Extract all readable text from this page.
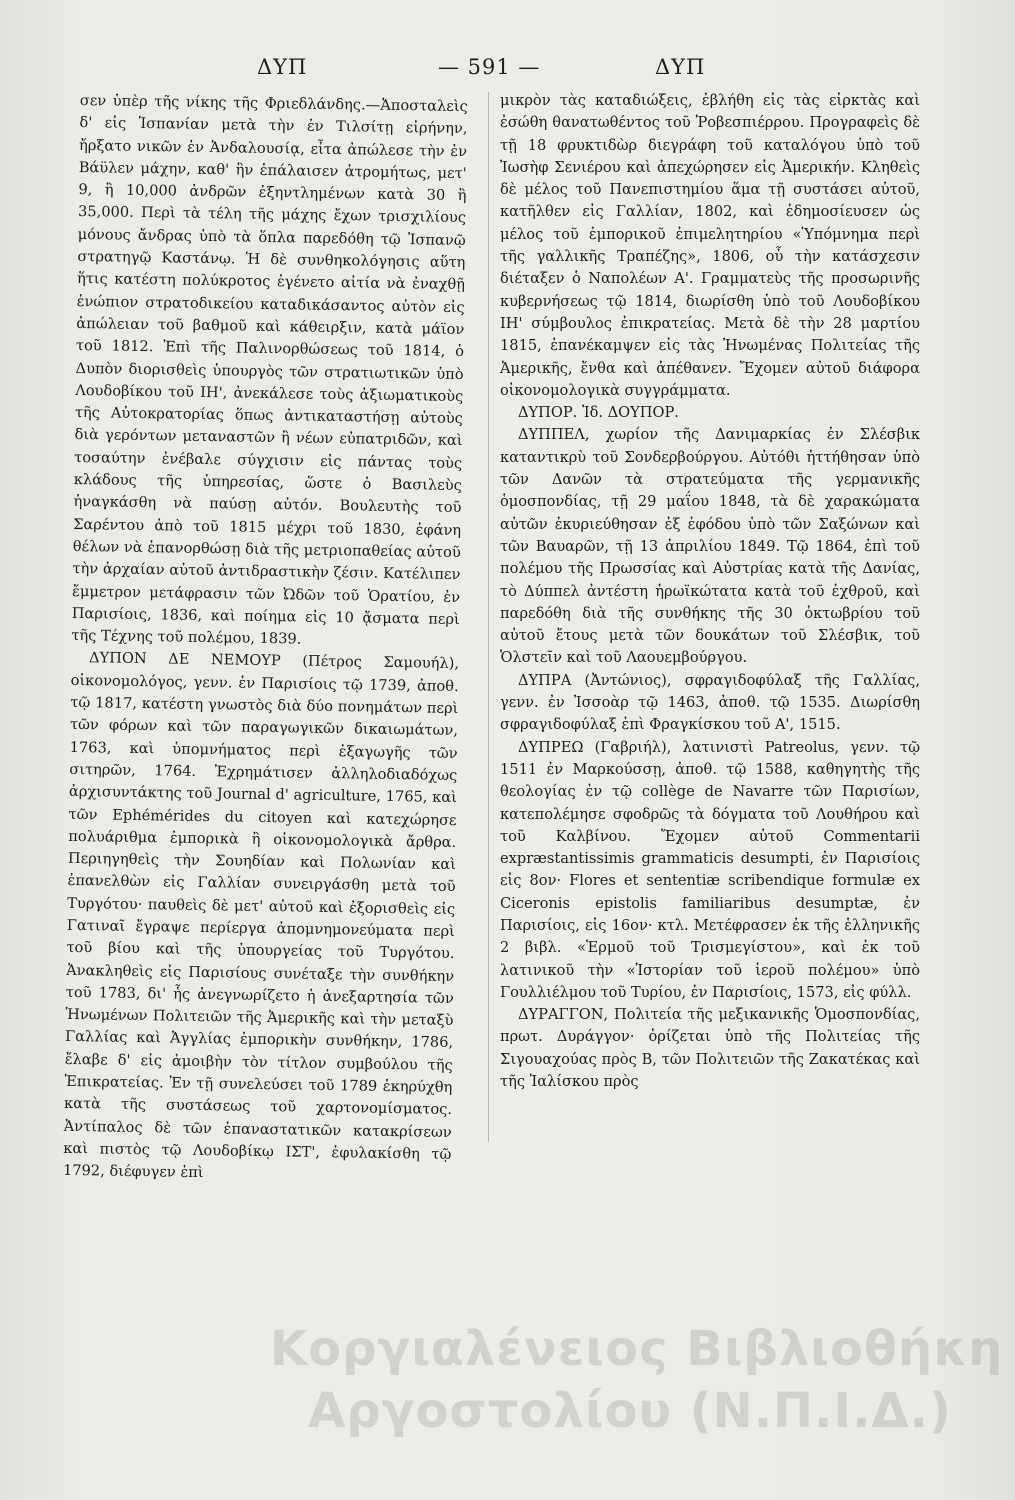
ΔΥΠ	— 591 —	ΔΥΠ

σεν ὑπὲρ τῆς νίκης τῆς Φριεδλάνδης.—Ἀποσταλεὶς δ' εἰς Ἱσπανίαν μετὰ τὴν ἐν Τιλσίτῃ εἰρήνην, ἤρξατο νικῶν ἐν Ἀνδαλουσίᾳ, εἶτα ἀπώλεσε τὴν ἐν Βάϋλεν μάχην, καθ' ἣν ἐπάλαισεν ἀτρομήτως, μετ' 9, ἢ 10,000 ἀνδρῶν ἐξηντλημένων κατὰ 30 ἢ 35,000. Περὶ τὰ τέλη τῆς μάχης ἔχων τρισχιλίους μόνους ἄνδρας ὑπὸ τὰ ὅπλα παρεδόθη τῷ Ἰσπανῷ στρατηγῷ Καστάνῳ. Ἡ δὲ συνθηκολόγησις αὕτη ἥτις κατέστη πολύκροτος ἐγένετο αἰτία νὰ ἐναχθῇ ἐνώπιον στρατοδικείου καταδικάσαντος αὐτὸν εἰς ἀπώλειαν τοῦ βαθμοῦ καὶ κάθειρξιν, κατὰ μάϊον τοῦ 1812. Ἐπὶ τῆς Παλινορθώσεως τοῦ 1814, ὁ Δυπὸν διορισθεὶς ὑπουργὸς τῶν στρατιωτικῶν ὑπὸ Λουδοβίκου τοῦ ΙΗ', ἀνεκάλεσε τοὺς ἀξιωματικοὺς τῆς Αὐτοκρατορίας ὅπως ἀντικαταστήσῃ αὐτοὺς διὰ γερόντων μεταναστῶν ἢ νέων εὐπατριδῶν, καὶ τοσαύτην ἐνέβαλε σύγχισιν εἰς πάντας τοὺς κλάδους τῆς ὑπηρεσίας, ὥστε ὁ Βασιλεὺς ἠναγκάσθη νὰ παύσῃ αὐτόν. Βουλευτὴς τοῦ Σαρέντου ἀπὸ τοῦ 1815 μέχρι τοῦ 1830, ἐφάνη θέλων νὰ ἐπανορθώσῃ διὰ τῆς μετριοπαθείας αὐτοῦ τὴν ἀρχαίαν αὐτοῦ ἀντιδραστικὴν ζέσιν. Κατέλιπεν ἔμμετρον μετάφρασιν τῶν Ὠδῶν τοῦ Ὁρατίου, ἐν Παρισίοις, 1836, καὶ ποίημα εἰς 10 ᾄσματα περὶ τῆς Τέχνης τοῦ πολέμου, 1839.

ΔΥΠΟΝ ΔΕ ΝΕΜΟΥΡ (Πέτρος Σαμουήλ), οἰκονομολόγος, γενν. ἐν Παρισίοις τῷ 1739, ἀποθ. τῷ 1817, κατέστη γνωστὸς διὰ δύο πονημάτων περὶ τῶν φόρων καὶ τῶν παραγωγικῶν δικαιωμάτων, 1763, καὶ ὑπομνήματος περὶ ἐξαγωγῆς τῶν σιτηρῶν, 1764. Ἐχρημάτισεν ἀλληλοδιαδόχως ἀρχισυντάκτης τοῦ Journal d' agriculture, 1765, καὶ τῶν Ephémérides du citoyen καὶ κατεχώρησε πολυάριθμα ἐμπορικὰ ἢ οἰκονομολογικὰ ἄρθρα. Περιηγηθεὶς τὴν Σουηδίαν καὶ Πολωνίαν καὶ ἐπανελθὼν εἰς Γαλλίαν συνειργάσθη μετὰ τοῦ Τυργότου· παυθεὶς δὲ μετ' αὐτοῦ καὶ ἐξορισθεὶς εἰς Γατιναῖ ἔγραψε περίεργα ἀπομνημονεύματα περὶ τοῦ βίου καὶ τῆς ὑπουργείας τοῦ Τυργότου. Ἀνακληθεὶς εἰς Παρισίους συνέταξε τὴν συνθήκην τοῦ 1783, δι' ἧς ἀνεγνωρίζετο ἡ ἀνεξαρτησία τῶν Ἡνωμένων Πολιτειῶν τῆς Ἀμερικῆς καὶ τὴν μεταξὺ Γαλλίας καὶ Ἀγγλίας ἐμπορικὴν συνθήκην, 1786, ἔλαβε δ' εἰς ἀμοιβὴν τὸν τίτλον συμβούλου τῆς Ἐπικρατείας. Ἐν τῇ συνελεύσει τοῦ 1789 ἐκηρύχθη κατὰ τῆς συστάσεως τοῦ χαρτονομίσματος. Ἀντίπαλος δὲ τῶν ἐπαναστατικῶν κατακρίσεων καὶ πιστὸς τῷ Λουδοβίκῳ ΙΣΤ', ἐφυλακίσθη τῷ 1792, διέφυγεν ἐπὶ

μικρὸν τὰς καταδιώξεις, ἐβλήθη εἰς τὰς εἱρκτὰς καὶ ἐσώθη θανατωθέντος τοῦ Ῥοβεσπιέρρου. Προγραφεὶς δὲ τῇ 18 φρυκτιδὼρ διεγράφη τοῦ καταλόγου ὑπὸ τοῦ Ἰωσὴφ Σενιέρου καὶ ἀπεχώρησεν εἰς Ἀμερικήν. Κληθεὶς δὲ μέλος τοῦ Πανεπιστημίου ἅμα τῇ συστάσει αὐτοῦ, κατῆλθεν εἰς Γαλλίαν, 1802, καὶ ἐδημοσίευσεν ὡς μέλος τοῦ ἐμπορικοῦ ἐπιμελητηρίου «Ὑπόμνημα περὶ τῆς γαλλικῆς Τραπέζης», 1806, οὗ τὴν κατάσχεσιν διέταξεν ὁ Ναπολέων Α'. Γραμματεὺς τῆς προσωρινῆς κυβερνήσεως τῷ 1814, διωρίσθη ὑπὸ τοῦ Λουδοβίκου ΙΗ' σύμβουλος ἐπικρατείας. Μετὰ δὲ τὴν 28 μαρτίου 1815, ἐπανέκαμψεν εἰς τὰς Ἡνωμένας Πολιτείας τῆς Ἀμερικῆς, ἔνθα καὶ ἀπέθανεν. Ἔχομεν αὐτοῦ διάφορα οἰκονομολογικὰ συγγράμματα.

ΔΥΠΟΡ. Ἰδ. ΔΟΥΠΟΡ.

ΔΥΠΠΕΛ, χωρίον τῆς Δανιμαρκίας ἐν Σλέσβικ καταντικρὺ τοῦ Σονδερβούργου. Αὐτόθι ἡττήθησαν ὑπὸ τῶν Δανῶν τὰ στρατεύματα τῆς γερμανικῆς ὁμοσπονδίας, τῇ 29 μαΐου 1848, τὰ δὲ χαρακώματα αὐτῶν ἐκυριεύθησαν ἐξ ἐφόδου ὑπὸ τῶν Σαξώνων καὶ τῶν Βαυαρῶν, τῇ 13 ἀπριλίου 1849. Τῷ 1864, ἐπὶ τοῦ πολέμου τῆς Πρωσσίας καὶ Αὐστρίας κατὰ τῆς Δανίας, τὸ Δύππελ ἀντέστη ἡρωϊκώτατα κατὰ τοῦ ἐχθροῦ, καὶ παρεδόθη διὰ τῆς συνθήκης τῆς 30 ὀκτωβρίου τοῦ αὐτοῦ ἔτους μετὰ τῶν δουκάτων τοῦ Σλέσβικ, τοῦ Ὁλστεῖν καὶ τοῦ Λαουεμβούργου.

ΔΥΠΡΑ (Ἀντώνιος), σφραγιδοφύλαξ τῆς Γαλλίας, γενν. ἐν Ἰσσοὰρ τῷ 1463, ἀποθ. τῷ 1535. Διωρίσθη σφραγιδοφύλαξ ἐπὶ Φραγκίσκου τοῦ Α', 1515.

ΔΥΠΡΕΩ (Γαβριήλ), λατινιστὶ Patreolus, γενν. τῷ 1511 ἐν Μαρκούσσῃ, ἀποθ. τῷ 1588, καθηγητὴς τῆς θεολογίας ἐν τῷ collège de Navarre τῶν Παρισίων, κατεπολέμησε σφοδρῶς τὰ δόγματα τοῦ Λουθήρου καὶ τοῦ Καλβίνου. Ἔχομεν αὐτοῦ Commentarii expræstantissimis grammaticis desumpti, ἐν Παρισίοις εἰς 8ον· Flores et sententiæ scribendique formulæ ex Ciceronis epistolis familiaribus desumptæ, ἐν Παρισίοις, εἰς 16ον· κτλ. Μετέφρασεν ἐκ τῆς ἑλληνικῆς 2 βιβλ. «Ἑρμοῦ τοῦ Τρισμεγίστου», καὶ ἐκ τοῦ λατινικοῦ τὴν «Ἱστορίαν τοῦ ἱεροῦ πολέμου» ὑπὸ Γουλλιέλμου τοῦ Τυρίου, ἐν Παρισίοις, 1573, εἰς φύλλ.

ΔΥΡΑΓΓΟΝ, Πολιτεία τῆς μεξικανικῆς Ὁμοσπονδίας, πρωτ. Δυράγγον· ὁρίζεται ὑπὸ τῆς Πολιτείας τῆς Σιγουαχούας πρὸς Β, τῶν Πολιτειῶν τῆς Ζακατέκας καὶ τῆς Ἰαλίσκου πρὸς

Κοργιαλένειος Βιβλιοθήκη
Αργοστολίου (Ν.Π.Ι.Δ.)
